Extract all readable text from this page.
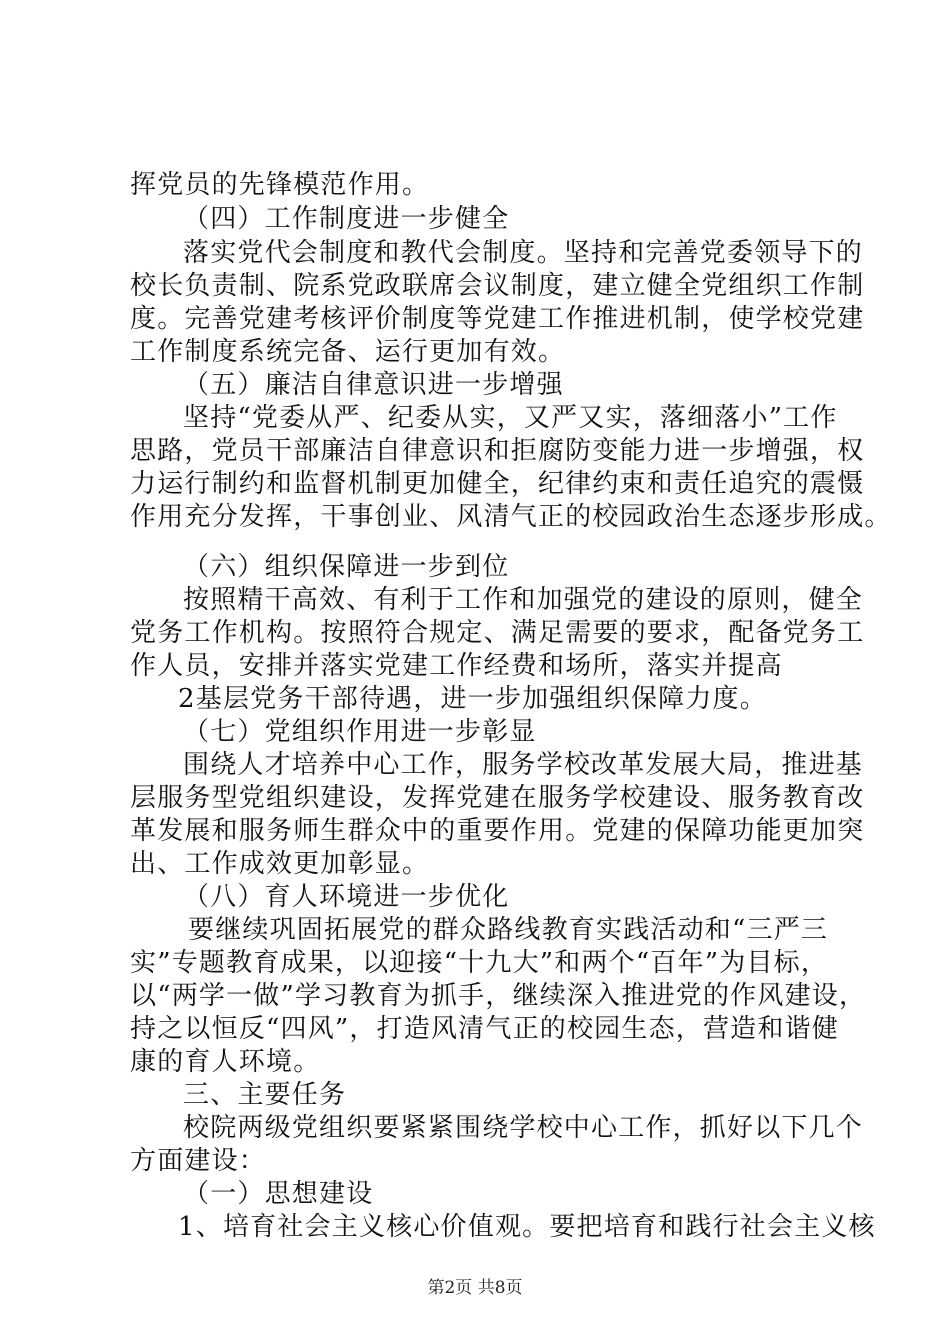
挥党员的先锋模范作用。
（四）工作制度进一步健全
落实党代会制度和教代会制度。坚持和完善党委领导下的
校长负责制、院系党政联席会议制度，建立健全党组织工作制
度。完善党建考核评价制度等党建工作推进机制，使学校党建
工作制度系统完备、运行更加有效。
（五）廉洁自律意识进一步增强
坚持“党委从严、纪委从实，又严又实，落细落小”工作
思路，党员干部廉洁自律意识和拒腐防变能力进一步增强，权
力运行制约和监督机制更加健全，纪律约束和责任追究的震慑
作用充分发挥，干事创业、风清气正的校园政治生态逐步形成。
（六）组织保障进一步到位
按照精干高效、有利于工作和加强党的建设的原则，健全
党务工作机构。按照符合规定、满足需要的要求，配备党务工
作人员，安排并落实党建工作经费和场所，落实并提高
2基层党务干部待遇，进一步加强组织保障力度。
（七）党组织作用进一步彰显
围绕人才培养中心工作，服务学校改革发展大局，推进基
层服务型党组织建设，发挥党建在服务学校建设、服务教育改
革发展和服务师生群众中的重要作用。党建的保障功能更加突
出、工作成效更加彰显。
（八）育人环境进一步优化
要继续巩固拓展党的群众路线教育实践活动和“三严三
实”专题教育成果，以迎接“十九大”和两个“百年”为目标，
以“两学一做”学习教育为抓手，继续深入推进党的作风建设，
持之以恒反“四风”，打造风清气正的校园生态，营造和谐健
康的育人环境。
三、主要任务
校院两级党组织要紧紧围绕学校中心工作，抓好以下几个
方面建设：
（一）思想建设
1、培育社会主义核心价值观。要把培育和践行社会主义核
第2页 共8页
